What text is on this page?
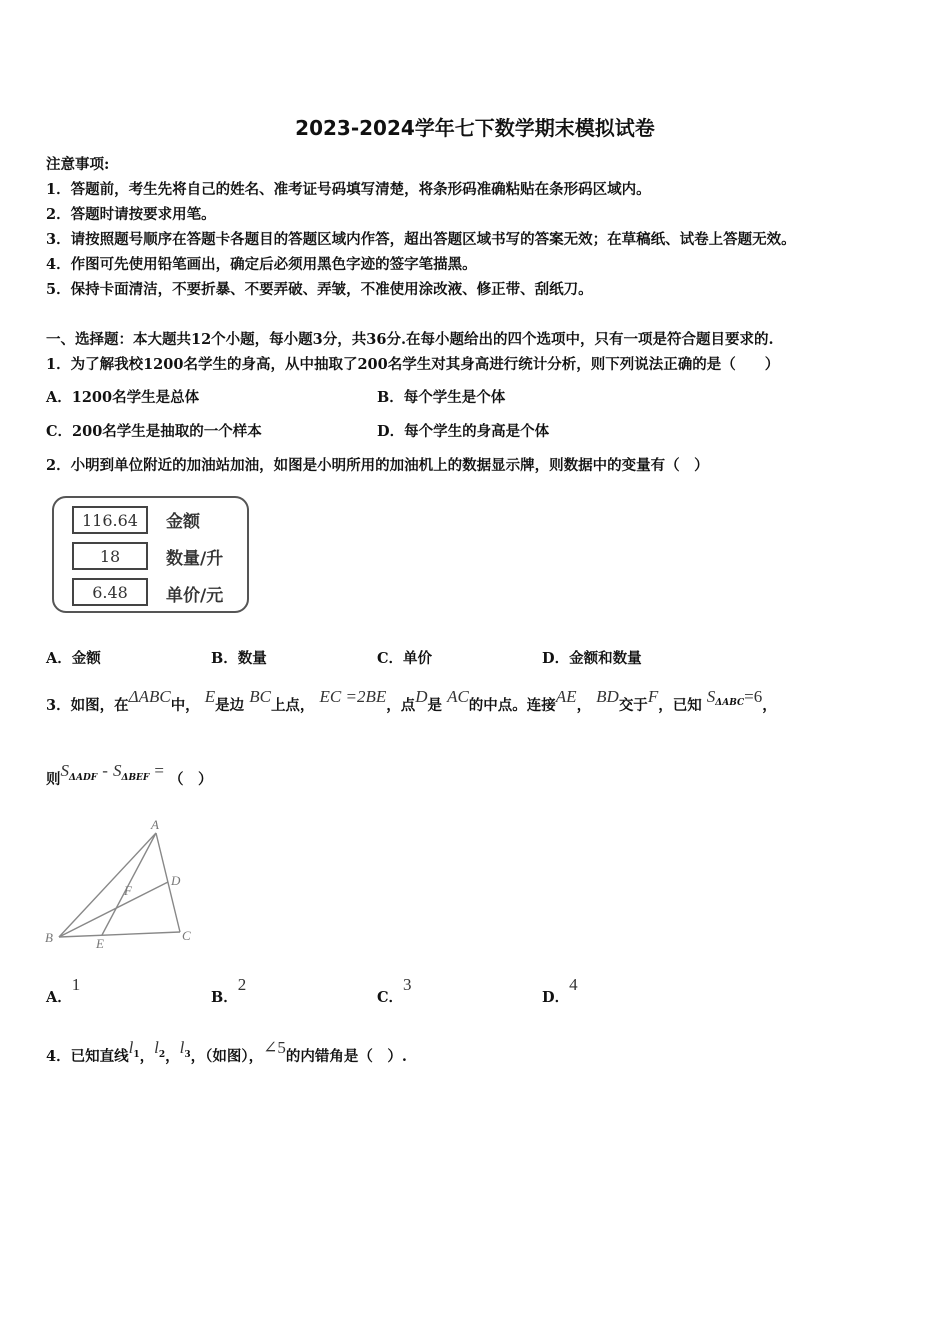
2023-2024学年七下数学期末模拟试卷
注意事项:
1．答题前，考生先将自己的姓名、准考证号码填写清楚，将条形码准确粘贴在条形码区域内。
2．答题时请按要求用笔。
3．请按照题号顺序在答题卡各题目的答题区域内作答，超出答题区域书写的答案无效；在草稿纸、试卷上答题无效。
4．作图可先使用铅笔画出，确定后必须用黑色字迹的签字笔描黑。
5．保持卡面清洁，不要折暴、不要弄破、弄皱，不准使用涂改液、修正带、刮纸刀。
一、选择题：本大题共12个小题，每小题3分，共36分.在每小题给出的四个选项中，只有一项是符合题目要求的.
1．为了解我校1200名学生的身高，从中抽取了200名学生对其身高进行统计分析，则下列说法正确的是（　　）
A．1200名学生是总体	B．每个学生是个体
C．200名学生是抽取的一个样本	D．每个学生的身高是个体
2．小明到单位附近的加油站加油，如图是小明所用的加油机上的数据显示牌，则数据中的变量有（　）
116.64	金额
18	数量/升
6.48	单价/元
A．金额	B．数量	C．单价	D．金额和数量
3．如图，在ΔABC中， E是边 BC上点， EC =2BE，点D是 AC的中点。连接AE， BD交于F，已知 $S^{\Delta ABC}=6$，
则$S^{\Delta ADF} - S^{\Delta BEF}$ = （　）
A
B	C
D
E
F
A．1
B．2
C．3
D．4
4．已知直线$l^1$，$l^2$，$l^3$，（如图），∠5的内错角是（　）.
